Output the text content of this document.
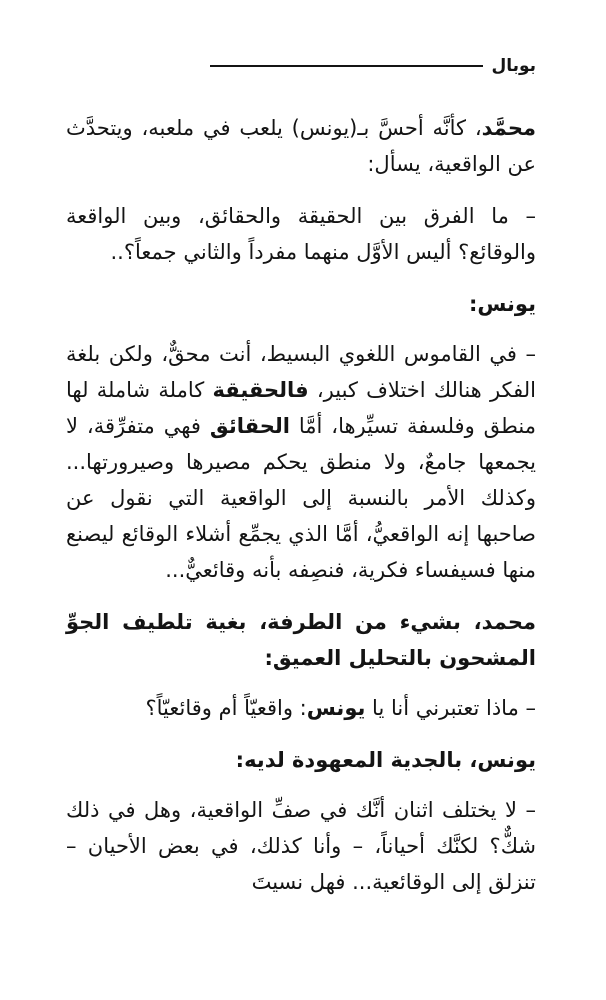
بوبال

محمَّد، كأنَّه أحسَّ بـ(يونس) يلعب في ملعبه، ويتحدَّث عن الواقعية، يسأل:

– ما الفرق بين الحقيقة والحقائق، وبين الواقعة والوقائع؟ أليس الأوَّل منهما مفرداً والثاني جمعاً؟..

يونس:

– في القاموس اللغوي البسيط، أنت محقٌّ، ولكن بلغة الفكر هنالك اختلاف كبير، فالحقيقة كاملة شاملة لها منطق وفلسفة تسيِّرها، أمَّا الحقائق فهي متفرِّقة، لا يجمعها جامعٌ، ولا منطق يحكم مصيرها وصيرورتها... وكذلك الأمر بالنسبة إلى الواقعية التي نقول عن صاحبها إنه الواقعيُّ، أمَّا الذي يجمِّع أشلاء الوقائع ليصنع منها فسيفساء فكرية، فنصِفه بأنه وقائعيٌّ...

محمد، بشيء من الطرفة، بغية تلطيف الجوِّ المشحون بالتحليل العميق:

– ماذا تعتبرني أنا يا يونس: واقعيّاً أم وقائعيّاً؟

يونس، بالجدية المعهودة لديه:

– لا يختلف اثنان أنَّك في صفِّ الواقعية، وهل في ذلك شكٌّ؟ لكنَّك أحياناً، – وأنا كذلك، في بعض الأحيان – تنزلق إلى الوقائعية... فهل نسيتَ
